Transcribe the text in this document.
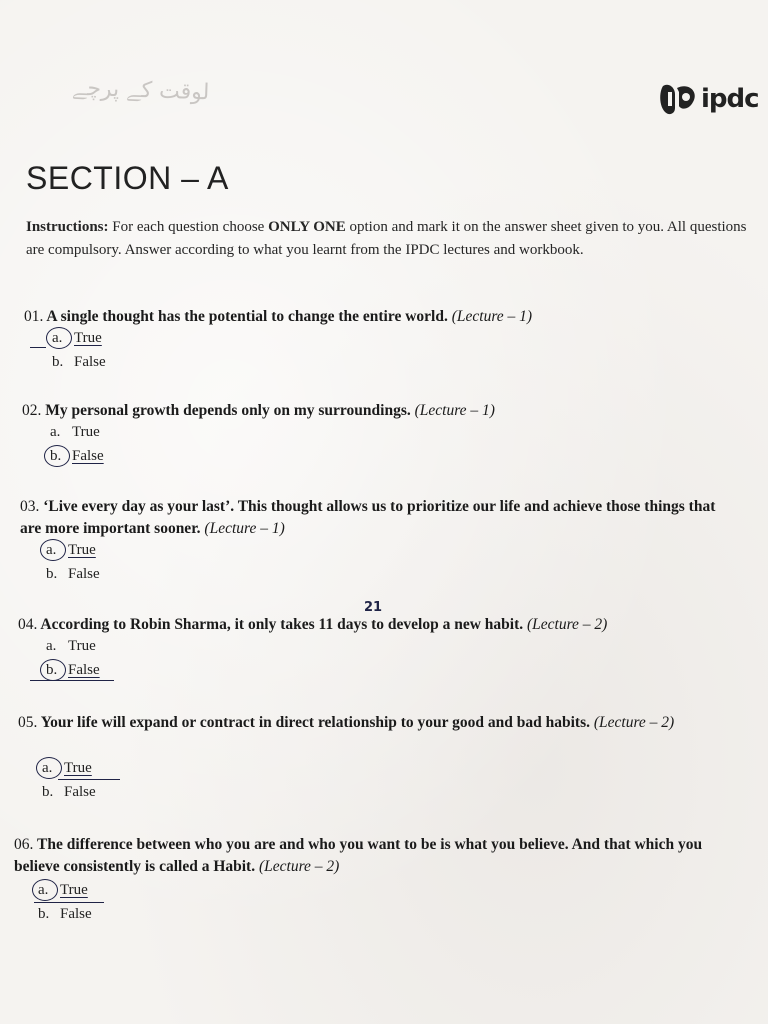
ﻟﻮﻗﺖ ﮐﮯ ﭘﺮﭼﮯ	ipdc
SECTION – A
Instructions: For each question choose ONLY ONE option and mark it on the answer sheet given to you. All questions are compulsory. Answer according to what you learnt from the IPDC lectures and workbook.
01. A single thought has the potential to change the entire world. (Lecture – 1)
a. True
b. False
02. My personal growth depends only on my surroundings. (Lecture – 1)
a. True
b. False
03. ‘Live every day as your last’. This thought allows us to prioritize our life and achieve those things that are more important sooner. (Lecture – 1)
a. True
b. False
21
04. According to Robin Sharma, it only takes 11 days to develop a new habit. (Lecture – 2)
a. True
b. False
05. Your life will expand or contract in direct relationship to your good and bad habits. (Lecture – 2)
a. True
b. False
06. The difference between who you are and who you want to be is what you believe. And that which you believe consistently is called a Habit. (Lecture – 2)
a. True
b. False
